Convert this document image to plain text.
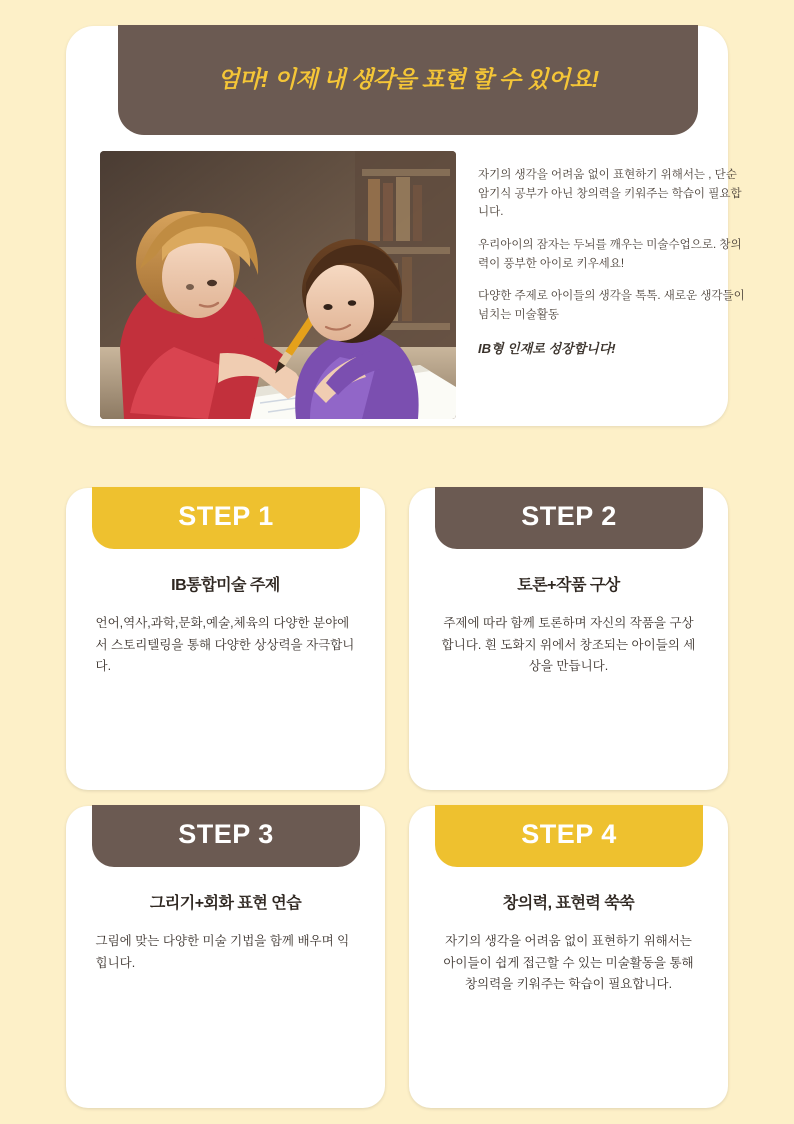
엄마! 이제 내 생각을 표현 할 수 있어요!

자기의 생각을 어려움 없이 표현하기 위해서는 , 단순 암기식 공부가 아닌 창의력을 키워주는 학습이 필요합니다.

우리아이의 잠자는 두뇌를 깨우는 미술수업으로. 창의력이 풍부한 아이로 키우세요!

다양한 주제로 아이들의 생각을 톡톡. 새로운 생각들이 넘치는 미술활동

IB형 인재로 성장합니다!

STEP 1
IB통합미술 주제
언어,역사,과학,문화,예술,체육의 다양한 분야에서 스토리텔링을 통해 다양한 상상력을 자극합니다.
STEP 2
토론+작품 구상
주제에 따라 함께 토론하며 자신의 작품을 구상합니다. 흰 도화지 위에서 창조되는 아이들의 세상을 만듭니다.
STEP 3
그리기+회화 표현 연습
그림에 맞는 다양한 미술 기법을 함께 배우며 익힙니다.
STEP 4
창의력, 표현력 쑥쑥
자기의 생각을 어려움 없이 표현하기 위해서는 아이들이 쉽게 접근할 수 있는 미술활동을 통해 창의력을 키워주는 학습이 필요합니다.
